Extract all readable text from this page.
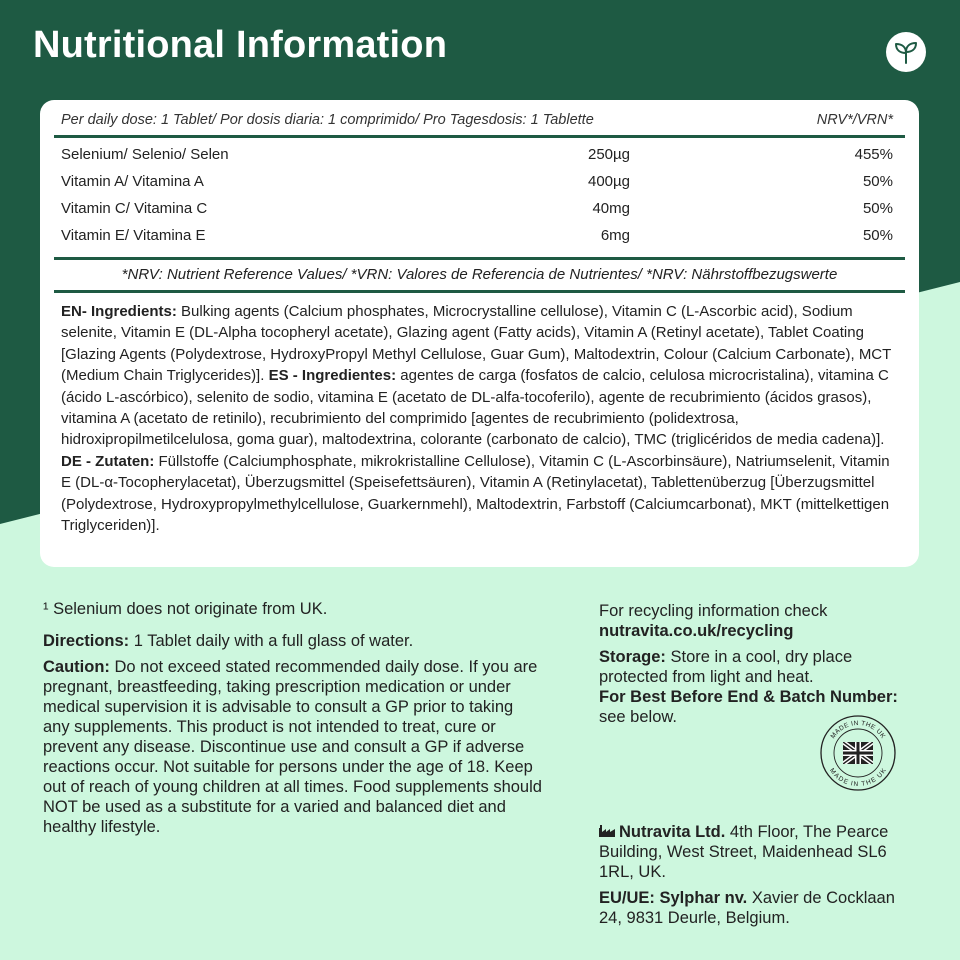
Nutritional Information
Per daily dose: 1 Tablet/ Por dosis diaria: 1 comprimido/ Pro Tagesdosis: 1 Tablette	NRV*/VRN*
Selenium/ Selenio/ Selen	250µg	455%
Vitamin A/ Vitamina A	400µg	50%
Vitamin C/ Vitamina C	40mg	50%
Vitamin E/ Vitamina E	6mg	50%
*NRV: Nutrient Reference Values/ *VRN: Valores de Referencia de Nutrientes/ *NRV: Nährstoffbezugswerte
EN- Ingredients: Bulking agents (Calcium phosphates, Microcrystalline cellulose), Vitamin C (L-Ascorbic acid), Sodium selenite, Vitamin E (DL-Alpha tocopheryl acetate), Glazing agent (Fatty acids), Vitamin A (Retinyl acetate), Tablet Coating [Glazing Agents (Polydextrose, HydroxyPropyl Methyl Cellulose, Guar Gum), Maltodextrin, Colour (Calcium Carbonate), MCT (Medium Chain Triglycerides)]. ES - Ingredientes: agentes de carga (fosfatos de calcio, celulosa microcristalina), vitamina C (ácido L-ascórbico), selenito de sodio, vitamina E (acetato de DL-alfa-tocoferilo), agente de recubrimiento (ácidos grasos), vitamina A (acetato de retinilo), recubrimiento del comprimido [agentes de recubrimiento (polidextrosa, hidroxipropilmetilcelulosa, goma guar), maltodextrina, colorante (carbonato de calcio), TMC (triglicéridos de media cadena)]. DE - Zutaten: Füllstoffe (Calciumphosphate, mikrokristalline Cellulose), Vitamin C (L-Ascorbinsäure), Natriumselenit, Vitamin E (DL-α-Tocopherylacetat), Überzugsmittel (Speisefettsäuren), Vitamin A (Retinylacetat), Tablettenüberzug [Überzugsmittel (Polydextrose, Hydroxypropylmethylcellulose, Guarkernmehl), Maltodextrin, Farbstoff (Calciumcarbonat), MKT (mittelkettigen Triglyceriden)].

¹ Selenium does not originate from UK.

Directions: 1 Tablet daily with a full glass of water.

Caution: Do not exceed stated recommended daily dose. If you are pregnant, breastfeeding, taking prescription medication or under medical supervision it is advisable to consult a GP prior to taking any supplements. This product is not intended to treat, cure or prevent any disease. Discontinue use and consult a GP if adverse reactions occur. Not suitable for persons under the age of 18. Keep out of reach of young children at all times. Food supplements should NOT be used as a substitute for a varied and balanced diet and healthy lifestyle.

For recycling information check

nutravita.co.uk/recycling

Storage: Store in a cool, dry place protected from light and heat.

For Best Before End & Batch Number: see below.

Nutravita Ltd. 4th Floor, The Pearce Building, West Street, Maidenhead SL6 1RL, UK.

EU/UE: Sylphar nv. Xavier de Cocklaan 24, 9831 Deurle, Belgium.

MADE IN THE UK
MADE IN THE UK
